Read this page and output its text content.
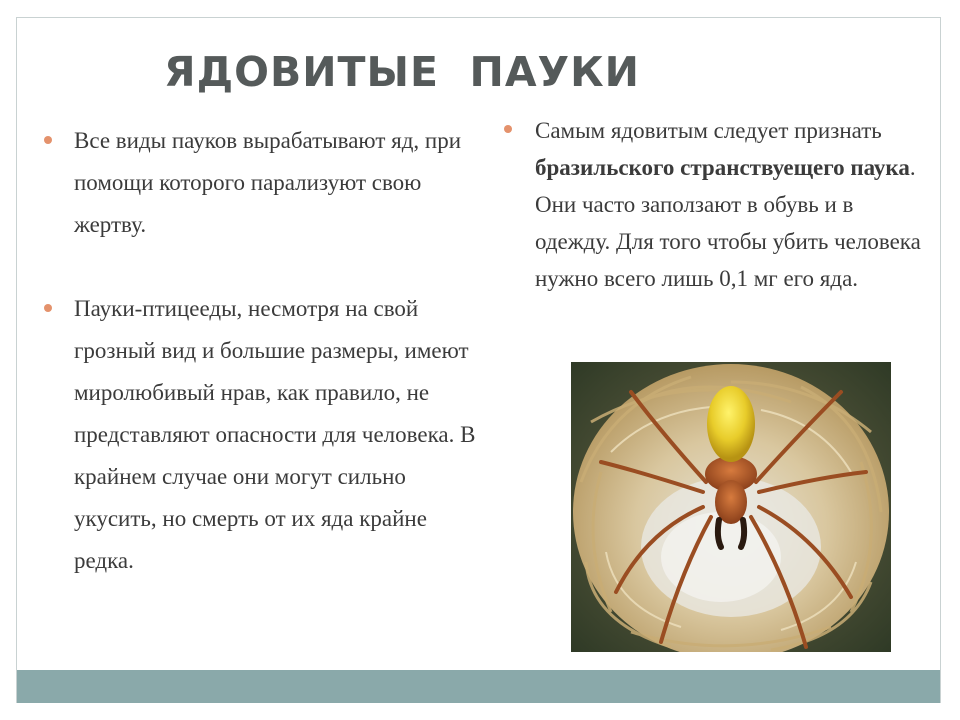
ЯДОВИТЫЕ  ПАУКИ
Все виды пауков вырабатывают яд, при помощи которого парализуют свою жертву.
Пауки-птицееды, несмотря на свой грозный вид и большие размеры, имеют миролюбивый нрав, как правило, не представляют опасности для человека. В крайнем случае они могут сильно укусить, но смерть от их яда крайне редка.
Самым ядовитым следует признать бразильского странствуещего паука. Они часто заползают в обувь и в одежду. Для того чтобы убить человека нужно всего лишь 0,1 мг его яда.
